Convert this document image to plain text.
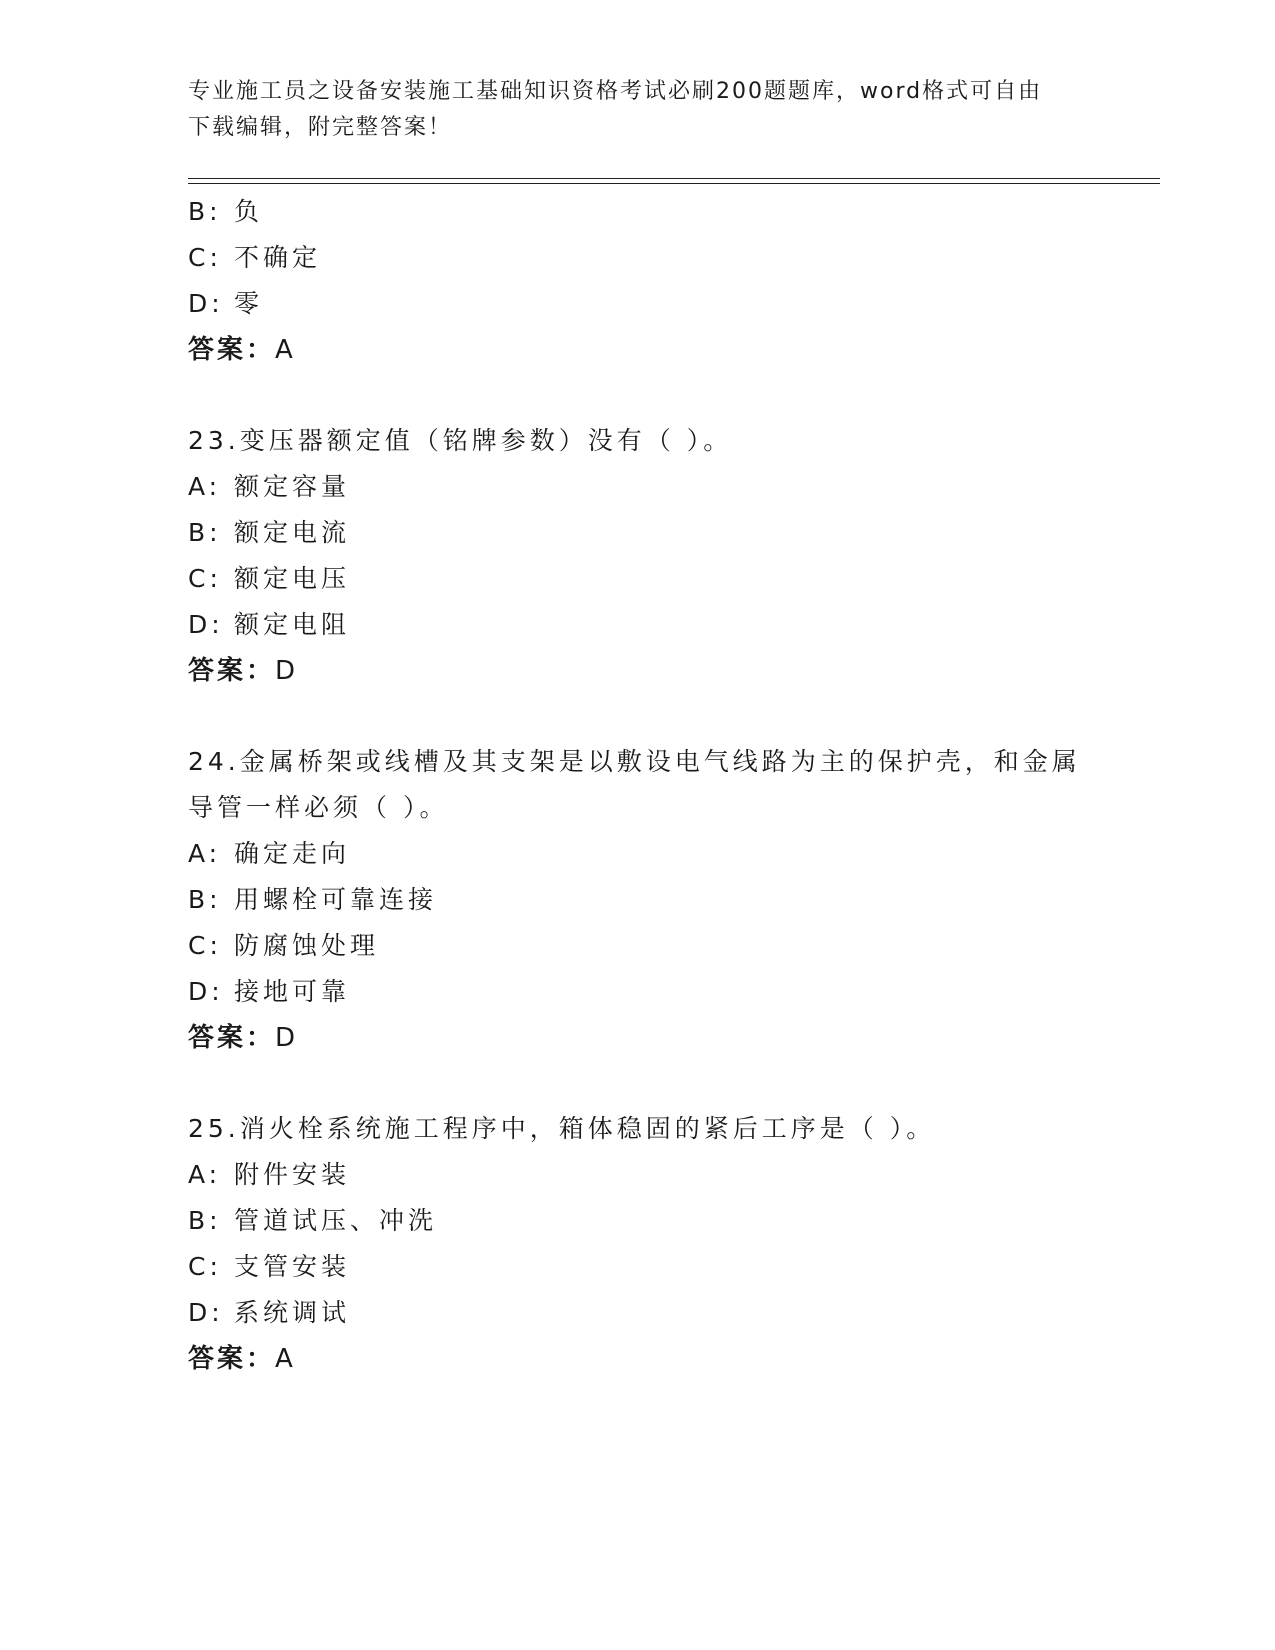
专业施工员之设备安装施工基础知识资格考试必刷200题题库，word格式可自由
下载编辑，附完整答案！
B: 负
C: 不确定
D: 零
答案：A
23.变压器额定值（铭牌参数）没有（ ）。
A: 额定容量
B: 额定电流
C: 额定电压
D: 额定电阻
答案：D
24.金属桥架或线槽及其支架是以敷设电气线路为主的保护壳，和金属
导管一样必须（ ）。
A: 确定走向
B: 用螺栓可靠连接
C: 防腐蚀处理
D: 接地可靠
答案：D
25.消火栓系统施工程序中，箱体稳固的紧后工序是（ ）。
A: 附件安装
B: 管道试压、冲洗
C: 支管安装
D: 系统调试
答案：A
